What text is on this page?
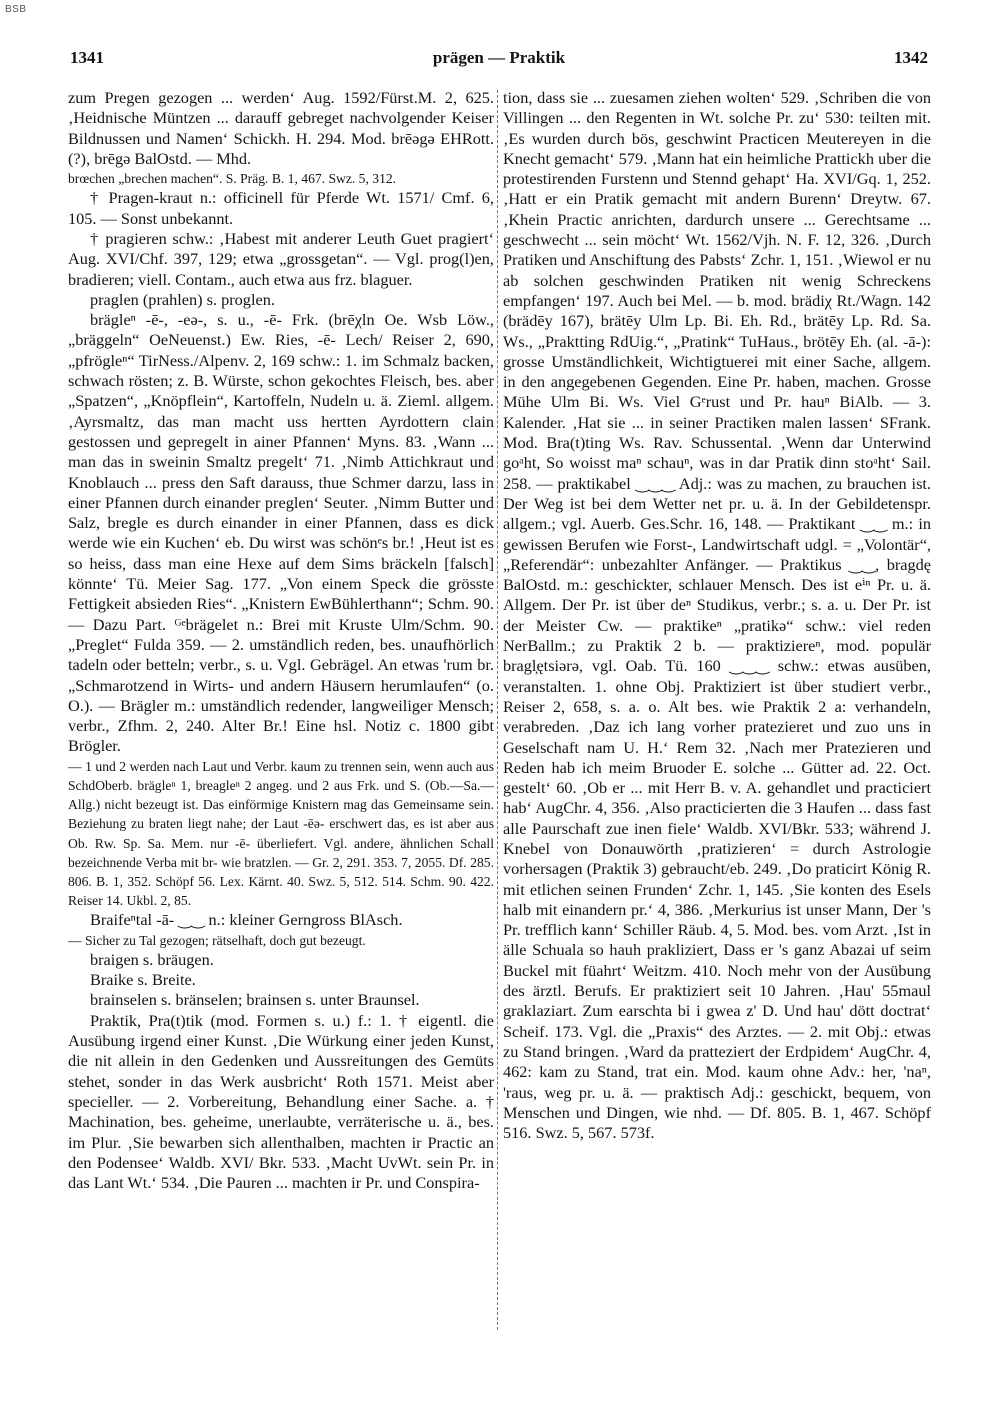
BSB
1341	prägen — Praktik	1342

zum Pregen gezogen ... werden‘ Aug. 1592/Fürst.M. 2, 625. ‚Heidnische Müntzen ... darauff gebreget nachvolgender Keiser Bildnussen und Namen‘ Schickh. H. 294. Mod. brēəgə EHRott.(?), brēgə BalOstd. — Mhd.

brœchen „brechen machen“. S. Präg. B. 1, 467. Swz. 5, 312.

† Pragen-kraut n.: officinell für Pferde Wt. 1571/ Cmf. 6, 105. — Sonst unbekannt.

† pragieren schw.: ‚Habest mit anderer Leuth Guet pragiert‘ Aug. XVI/Chf. 397, 129; etwa „grossgetan“. — Vgl. prog(l)en, bradieren; viell. Contam., auch etwa aus frz. blaguer.

praglen (prahlen) s. proglen.

brägleⁿ -ē-, -eə-, s. u., -ē- Frk. (brēχln Oe. Wsb Löw., „bräggeln“ OeNeuenst.) Ew. Ries, -ē- Lech/ Reiser 2, 690, „pfrögleⁿ“ TirNess./Alpenv. 2, 169 schw.: 1. im Schmalz backen, schwach rösten; z. B. Würste, schon gekochtes Fleisch, bes. aber „Spatzen“, „Knöpflein“, Kartoffeln, Nudeln u. ä. Zieml. allgem. ‚Ayrsmaltz, das man macht uss hertten Ayrdottern clain gestossen und gepregelt in ainer Pfannen‘ Myns. 83. ‚Wann ... man das in sweinin Smaltz pregelt‘ 71. ‚Nimb Attichkraut und Knoblauch ... press den Saft darauss, thue Schmer darzu, lass in einer Pfannen durch einander preglen‘ Seuter. ‚Nimm Butter und Salz, bregle es durch einander in einer Pfannen, dass es dick werde wie ein Kuchen‘ eb. Du wirst was schönᵉs br.! ‚Heut ist es so heiss, dass man eine Hexe auf dem Sims bräckeln [falsch] könnte‘ Tü. Meier Sag. 177. „Von einem Speck die grösste Fettigkeit absieden Ries“. „Knistern EwBühlerthann“; Schm. 90. — Dazu Part. ᴳᵉbrägelet n.: Brei mit Kruste Ulm/Schm. 90. „Preglet“ Fulda 359. — 2. umständlich reden, bes. unaufhörlich tadeln oder betteln; verbr., s. u. Vgl. Gebrägel. An etwas 'rum br. „Schmarotzend in Wirts- und andern Häusern herumlaufen“ (o. O.). — Brägler m.: umständlich redender, langweiliger Mensch; verbr., Zfhm. 2, 240. Alter Br.! Eine hsl. Notiz c. 1800 gibt Brögler.

— 1 und 2 werden nach Laut und Verbr. kaum zu trennen sein, wenn auch aus SchdOberb. brägleⁿ 1, breagleⁿ 2 angeg. und 2 aus Frk. und S. (Ob.—Sa.—Allg.) nicht bezeugt ist. Das einförmige Knistern mag das Gemeinsame sein. Beziehung zu braten liegt nahe; der Laut -ēə- erschwert das, es ist aber aus Ob. Rw. Sp. Sa. Mem. nur -ē- überliefert. Vgl. andere, ähnlichen Schall bezeichnende Verba mit br- wie bratzlen. — Gr. 2, 291. 353. 7, 2055. Df. 285. 806. B. 1, 352. Schöpf 56. Lex. Kärnt. 40. Swz. 5, 512. 514. Schm. 90. 422. Reiser 14. Ukbl. 2, 85.

Braifeⁿtal -ā- ‿‿ n.: kleiner Gerngross BlAsch.

— Sicher zu Tal gezogen; rätselhaft, doch gut bezeugt.

braigen s. bräugen.

Braike s. Breite.

brainselen s. bränselen; brainsen s. unter Braunsel.

Praktik, Pra(t)tik (mod. Formen s. u.) f.: 1. † eigentl. die Ausübung irgend einer Kunst. ‚Die Würkung einer jeden Kunst, die nit allein in den Gedenken und Aussreitungen des Gemüts stehet, sonder in das Werk ausbricht‘ Roth 1571. Meist aber specieller. — 2. Vorbereitung, Behandlung einer Sache. a. † Machination, bes. geheime, unerlaubte, verräterische u. ä., bes. im Plur. ‚Sie bewarben sich allenthalben, machten ir Practic an den Podensee‘ Waldb. XVI/ Bkr. 533. ‚Macht UvWt. sein Pr. in das Lant Wt.‘ 534. ‚Die Pauren ... machten ir Pr. und Conspira-

tion, dass sie ... zuesamen ziehen wolten‘ 529. ‚Schriben die von Villingen ... den Regenten in Wt. solche Pr. zu‘ 530: teilten mit. ‚Es wurden durch bös, geschwint Practicen Meutereyen in die Knecht gemacht‘ 579. ‚Mann hat ein heimliche Prattickh uber die protestirenden Furstenn und Stennd gehapt‘ Ha. XVI/Gq. 1, 252. ‚Hatt er ein Pratik gemacht mit andern Burenn‘ Dreytw. 67. ‚Khein Practic anrichten, dardurch unsere ... Gerechtsame ... geschwecht ... sein möcht‘ Wt. 1562/Vjh. N. F. 12, 326. ‚Durch Pratiken und Anschiftung des Pabsts‘ Zchr. 1, 151. ‚Wiewol er nu ab solchen geschwinden Pratiken nit wenig Schreckens empfangen‘ 197. Auch bei Mel. — b. mod. brädiχ Rt./Wagn. 142 (brädēy 167), brätēy Ulm Lp. Bi. Eh. Rd., brätēy Lp. Rd. Sa. Ws., „Praktting RdUig.“, „Pratink“ TuHaus., brötēy Eh. (al. -ā-): grosse Umständlichkeit, Wichtigtuerei mit einer Sache, allgem. in den angegebenen Gegenden. Eine Pr. haben, machen. Grosse Mühe Ulm Bi. Ws. Viel Gᵉrust und Pr. hauⁿ BiAlb. — 3. Kalender. ‚Hat sie ... in seiner Practiken malen lassen‘ SFrank. Mod. Bra(t)ting Ws. Rav. Schussental. ‚Wenn dar Unterwind goᵃht, So woisst maⁿ schauⁿ, was in dar Pratik dinn stoᵃht‘ Sail. 258. — praktikabel ‿‿‿ Adj.: was zu machen, zu brauchen ist. Der Weg ist bei dem Wetter net pr. u. ä. In der Gebildetenspr. allgem.; vgl. Auerb. Ges.Schr. 16, 148. — Praktikant ‿‿ m.: in gewissen Berufen wie Forst-, Landwirtschaft udgl. = „Volontär“, „Referendär“: unbezahlter Anfänger. — Praktikus ‿‿, bragdę BalOstd. m.: geschickter, schlauer Mensch. Des ist eⁱⁿ Pr. u. ä. Allgem. Der Pr. ist über deⁿ Studikus, verbr.; s. a. u. Der Pr. ist der Meister Cw. — praktikeⁿ „pratikə“ schw.: viel reden NerBallm.; zu Praktik 2 b. — praktiziereⁿ, mod. populär bragl̦ętsiərə, vgl. Oab. Tü. 160 ‿‿‿ schw.: etwas ausüben, veranstalten. 1. ohne Obj. Praktiziert ist über studiert verbr., Reiser 2, 658, s. a. o. Alt bes. wie Praktik 2 a: verhandeln, verabreden. ‚Daz ich lang vorher pratezieret und zuo uns in Geselschaft nam U. H.‘ Rem 32. ‚Nach mer Pratezieren und Reden hab ich meim Bruoder E. solche ... Gütter ad. 22. Oct. gestelt‘ 60. ‚Ob er ... mit Herr B. v. A. gehandlet und practiciert hab‘ AugChr. 4, 356. ‚Also practicierten die 3 Haufen ... dass fast alle Paurschaft zue inen fiele‘ Waldb. XVI/Bkr. 533; während J. Knebel von Donauwörth ‚pratizieren‘ = durch Astrologie vorhersagen (Praktik 3) gebraucht/eb. 249. ‚Do praticirt König R. mit etlichen seinen Frunden‘ Zchr. 1, 145. ‚Sie konten des Esels halb mit einandern pr.‘ 4, 386. ‚Merkurius ist unser Mann, Der 's Pr. trefflich kann‘ Schiller Räub. 4, 5. Mod. bes. vom Arzt. ‚Ist in älle Schuala so hauh prakliziert, Dass er 's ganz Abazai uf seim Buckel mit füahrt‘ Weitzm. 410. Noch mehr von der Ausübung des ärztl. Berufs. Er praktiziert seit 10 Jahren. ‚Hau' 55maul graklaziart. Zum earschta bi i gwea z' D. Und hau' dött doctrat‘ Scheif. 173. Vgl. die „Praxis“ des Arztes. — 2. mit Obj.: etwas zu Stand bringen. ‚Ward da pratteziert der Erdpidem‘ AugChr. 4, 462: kam zu Stand, trat ein. Mod. kaum ohne Adv.: her, 'naⁿ, 'raus, weg pr. u. ä. — praktisch Adj.: geschickt, bequem, von Menschen und Dingen, wie nhd. — Df. 805. B. 1, 467. Schöpf 516. Swz. 5, 567. 573f.
